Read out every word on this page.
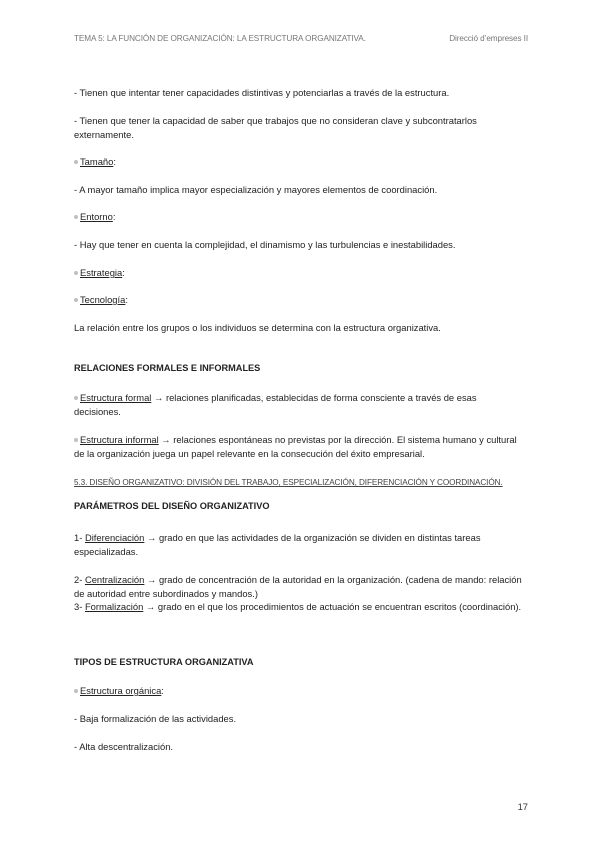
TEMA 5: LA FUNCIÓN DE ORGANIZACIÓN: LA ESTRUCTURA ORGANIZATIVA.	Direcció d’empreses II
- Tienen que intentar tener capacidades distintivas y potenciarlas a través de la estructura.
- Tienen que tener la capacidad de saber que trabajos que no consideran clave y subcontratarlos externamente.
Tamaño:
- A mayor tamaño implica mayor especialización y mayores elementos de coordinación.
Entorno:
- Hay que tener en cuenta la complejidad, el dinamismo y las turbulencias e inestabilidades.
Estrategia:
Tecnología:
La relación entre los grupos o los individuos se determina con la estructura organizativa.
RELACIONES FORMALES E INFORMALES
Estructura formal → relaciones planificadas, establecidas de forma consciente a través de esas decisiones.
Estructura informal → relaciones espontáneas no previstas por la dirección. El sistema humano y cultural de la organización juega un papel relevante en la consecución del éxito empresarial.
5.3. DISEÑO ORGANIZATIVO: DIVISIÓN DEL TRABAJO, ESPECIALIZACIÓN, DIFERENCIACIÓN Y COORDINACIÓN.
PARÁMETROS DEL DISEÑO ORGANIZATIVO
1- Diferenciación → grado en que las actividades de la organización se dividen en distintas tareas especializadas.
2- Centralización → grado de concentración de la autoridad en la organización. (cadena de mando: relación de autoridad entre subordinados y mandos.)
3- Formalización → grado en el que los procedimientos de actuación se encuentran escritos (coordinación).
TIPOS DE ESTRUCTURA ORGANIZATIVA
Estructura orgánica:
- Baja formalización de las actividades.
- Alta descentralización.
17
